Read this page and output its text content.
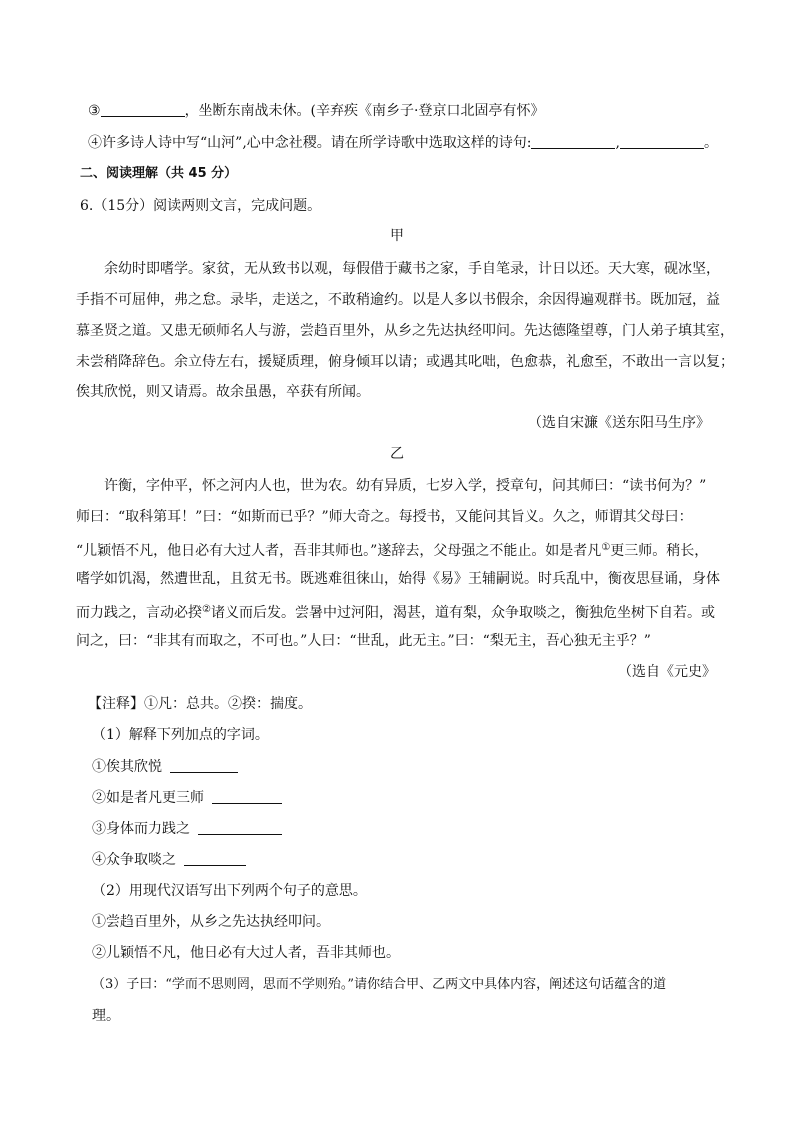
③	，坐断东南战未休。(辛弃疾《南乡子·登京口北固亭有怀》
④许多诗人诗中写“山河”,心中念社稷。请在所学诗歌中选取这样的诗句:	,	。
二、阅读理解（共 45 分）
6.（15分）阅读两则文言，完成问题。
甲
余幼时即嗜学。家贫，无从致书以观，每假借于藏书之家，手自笔录，计日以还。天大寒，砚冰坚，
手指不可屈伸，弗之怠。录毕，走送之，不敢稍逾约。以是人多以书假余，余因得遍观群书。既加冠，益
慕圣贤之道。又患无硕师名人与游，尝趋百里外，从乡之先达执经叩问。先达德隆望尊，门人弟子填其室，
未尝稍降辞色。余立侍左右，援疑质理，俯身倾耳以请；或遇其叱咄，色愈恭，礼愈至，不敢出一言以复；
俟其欣悦，则又请焉。故余虽愚，卒获有所闻。
（选自宋濂《送东阳马生序》
乙
许衡，字仲平，怀之河内人也，世为农。幼有异质，七岁入学，授章句，问其师曰：“读书何为？”
师曰：“取科第耳！”曰：“如斯而已乎？”师大奇之。每授书，又能问其旨义。久之，师谓其父母曰：
“儿颖悟不凡，他日必有大过人者，吾非其师也。”遂辞去，父母强之不能止。如是者凡①更三师。稍长，
嗜学如饥渴，然遭世乱，且贫无书。既逃难徂徕山，始得《易》王辅嗣说。时兵乱中，衡夜思昼诵，身体
而力践之，言动必揆②诸义而后发。尝暑中过河阳，渴甚，道有梨，众争取啖之，衡独危坐树下自若。或
问之，曰：“非其有而取之，不可也。”人曰：“世乱，此无主。”曰：“梨无主，吾心独无主乎？”
（选自《元史》
【注释】①凡：总共。②揆：揣度。
（1）解释下列加点的字词。
①俟其欣悦
②如是者凡更三师
③身体而力践之
④众争取啖之
（2）用现代汉语写出下列两个句子的意思。
①尝趋百里外，从乡之先达执经叩问。
②儿颖悟不凡，他日必有大过人者，吾非其师也。
（3）子曰：“学而不思则罔，思而不学则殆。”请你结合甲、乙两文中具体内容，阐述这句话蕴含的道
理。
